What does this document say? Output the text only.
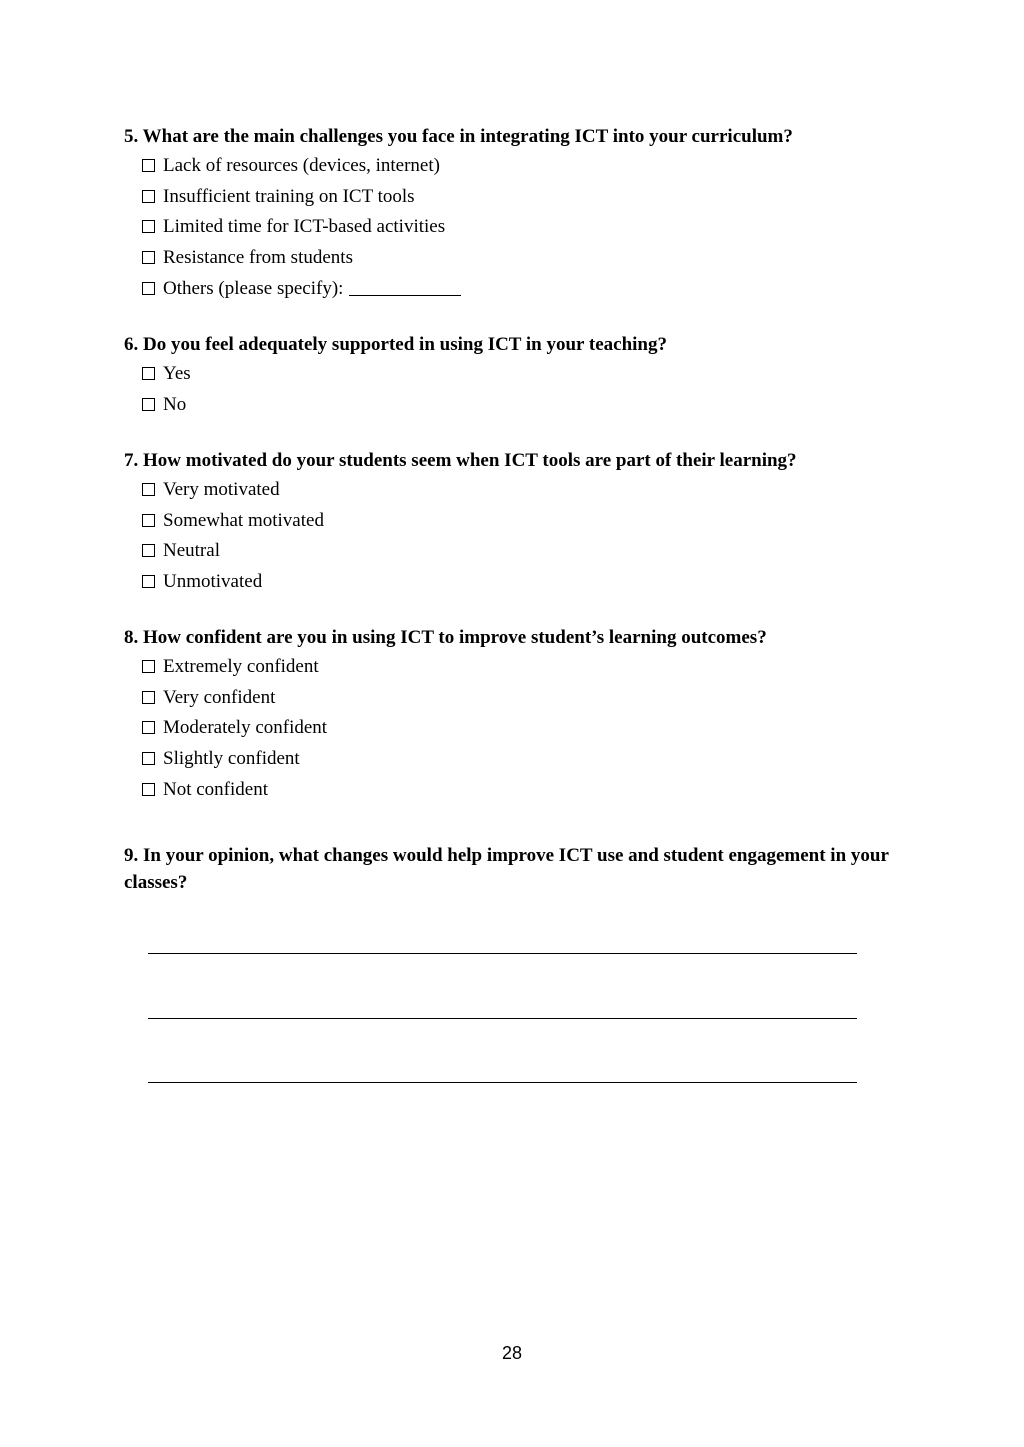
5. What are the main challenges you face in integrating ICT into your curriculum?

Lack of resources (devices, internet)
Insufficient training on ICT tools
Limited time for ICT-based activities
Resistance from students
Others (please specify):

6. Do you feel adequately supported in using ICT in your teaching?

Yes
No

7. How motivated do your students seem when ICT tools are part of their learning?

Very motivated
Somewhat motivated
Neutral
Unmotivated

8. How confident are you in using ICT to improve student’s learning outcomes?

Extremely confident
Very confident
Moderately confident
Slightly confident
Not confident

9. In your opinion, what changes would help improve ICT use and student engagement in your classes?

28
